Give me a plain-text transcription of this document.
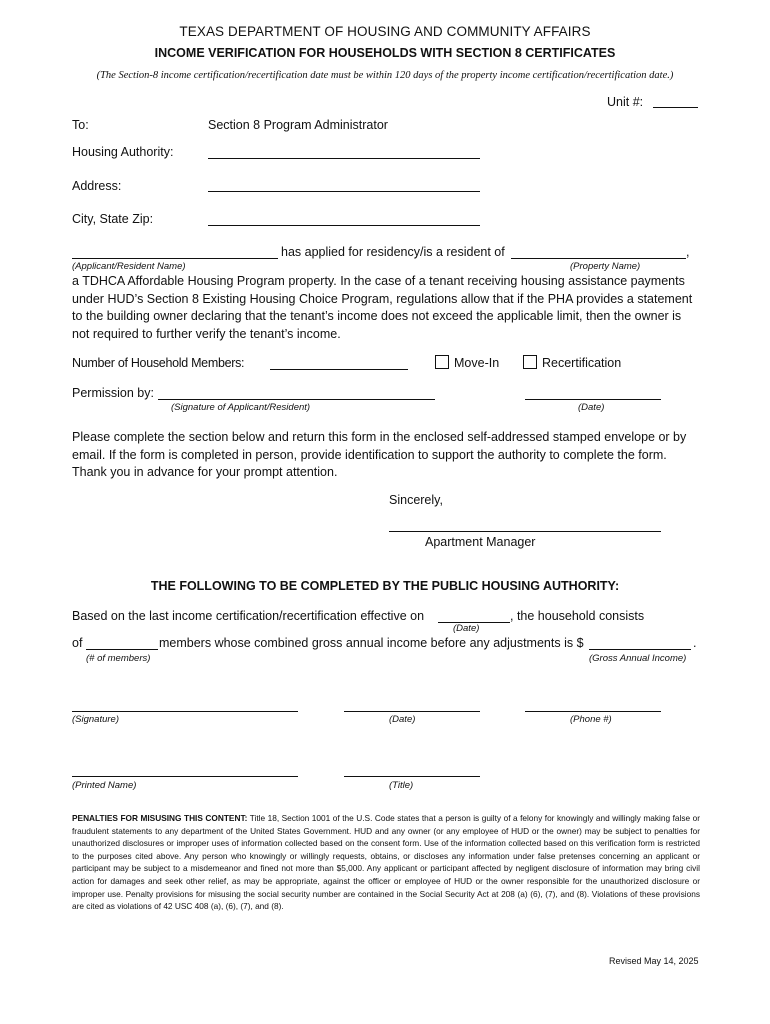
TEXAS DEPARTMENT OF HOUSING AND COMMUNITY AFFAIRS
INCOME VERIFICATION FOR HOUSEHOLDS WITH SECTION 8 CERTIFICATES
(The Section-8 income certification/recertification date must be within 120 days of the property income certification/recertification date.)
Unit #:
To:	Section 8 Program Administrator
Housing Authority:
Address:
City, State Zip:
has applied for residency/is a resident of	,
(Applicant/Resident Name)	(Property Name)
a TDHCA Affordable Housing Program property. In the case of a tenant receiving housing assistance payments under HUD’s Section 8 Existing Housing Choice Program, regulations allow that if the PHA provides a statement to the building owner declaring that the tenant’s income does not exceed the applicable limit, then the owner is not required to further verify the tenant’s income.
Number of Household Members:	Move-In	Recertification
Permission by:
(Signature of Applicant/Resident)	(Date)
Please complete the section below and return this form in the enclosed self-addressed stamped envelope or by email. If the form is completed in person, provide identification to support the authority to complete the form. Thank you in advance for your prompt attention.
Sincerely,
Apartment Manager
THE FOLLOWING TO BE COMPLETED BY THE PUBLIC HOUSING AUTHORITY:
Based on the last income certification/recertification effective on	, the household consists
(Date)
of	members whose combined gross annual income before any adjustments is $	.
(# of members)	(Gross Annual Income)
(Signature)	(Date)	(Phone #)
(Printed Name)	(Title)
PENALTIES FOR MISUSING THIS CONTENT: Title 18, Section 1001 of the U.S. Code states that a person is guilty of a felony for knowingly and willingly making false or fraudulent statements to any department of the United States Government. HUD and any owner (or any employee of HUD or the owner) may be subject to penalties for unauthorized disclosures or improper uses of information collected based on the consent form. Use of the information collected based on this verification form is restricted to the purposes cited above. Any person who knowingly or willingly requests, obtains, or discloses any information under false pretenses concerning an applicant or participant may be subject to a misdemeanor and fined not more than $5,000. Any applicant or participant affected by negligent disclosure of information may bring civil action for damages and seek other relief, as may be appropriate, against the officer or employee of HUD or the owner responsible for the unauthorized disclosure or improper use. Penalty provisions for misusing the social security number are contained in the Social Security Act at 208 (a) (6), (7), and (8). Violations of these provisions are cited as violations of 42 USC 408 (a), (6), (7), and (8).
Revised May 14, 2025
